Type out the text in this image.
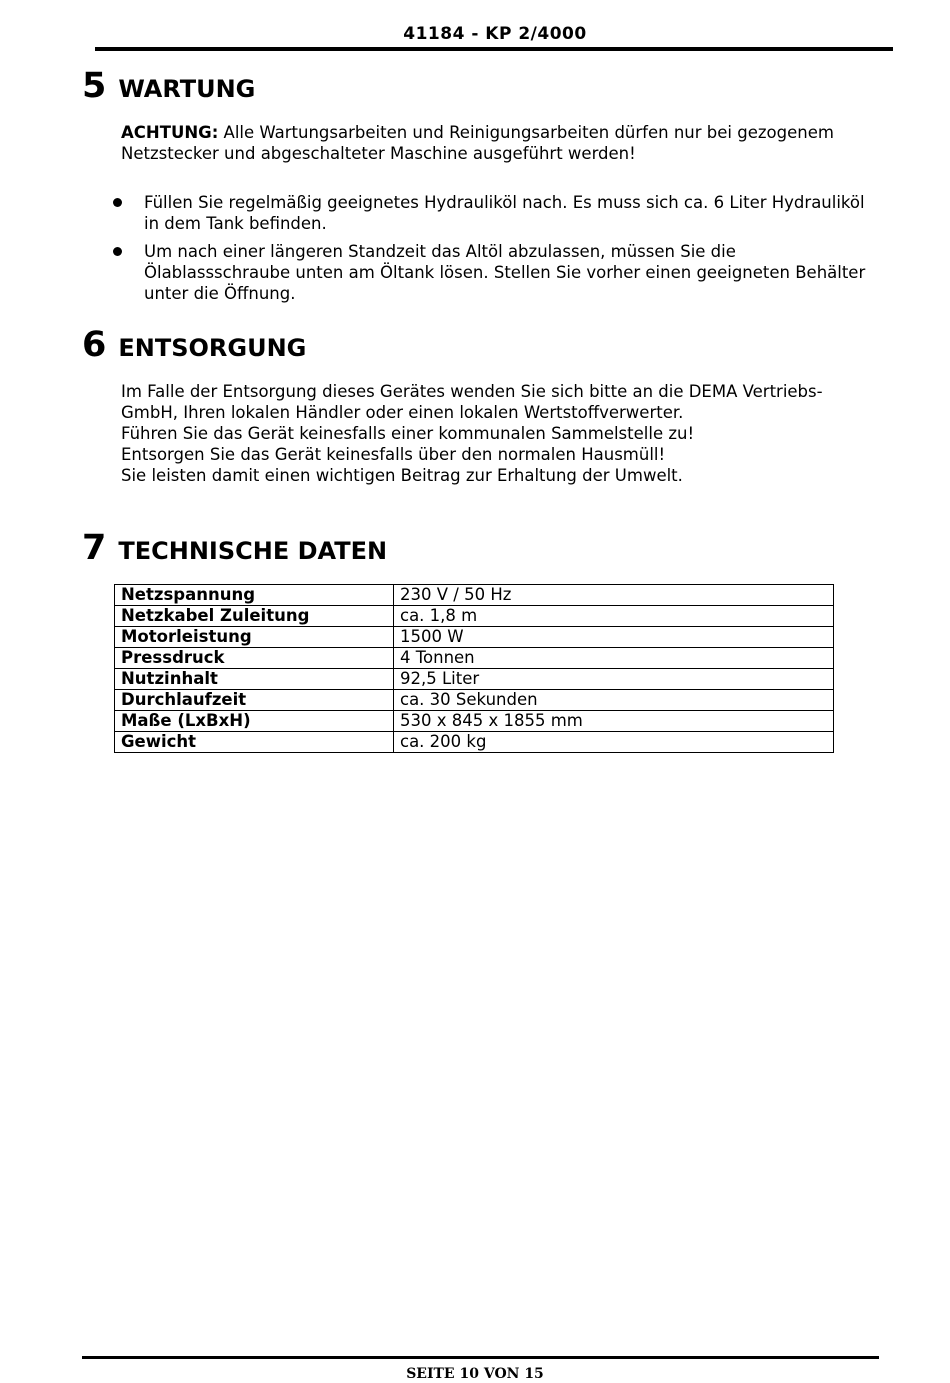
41184 - KP 2/4000
5 WARTUNG

ACHTUNG: Alle Wartungsarbeiten und Reinigungsarbeiten dürfen nur bei gezogenem Netzstecker und abgeschalteter Maschine ausgeführt werden!

Füllen Sie regelmäßig geeignetes Hydrauliköl nach. Es muss sich ca. 6 Liter Hydrauliköl in dem Tank befinden.
Um nach einer längeren Standzeit das Altöl abzulassen, müssen Sie die Ölablassschraube unten am Öltank lösen. Stellen Sie vorher einen geeigneten Behälter unter die Öffnung.
6 ENTSORGUNG
Im Falle der Entsorgung dieses Gerätes wenden Sie sich bitte an die DEMA Vertriebs-
GmbH, Ihren lokalen Händler oder einen lokalen Wertstoffverwerter.
Führen Sie das Gerät keinesfalls einer kommunalen Sammelstelle zu!
Entsorgen Sie das Gerät keinesfalls über den normalen Hausmüll!
Sie leisten damit einen wichtigen Beitrag zur Erhaltung der Umwelt.
7 TECHNISCHE DATEN
Netzspannung	230 V / 50 Hz
Netzkabel Zuleitung	ca. 1,8 m
Motorleistung	1500 W
Pressdruck	4 Tonnen
Nutzinhalt	92,5 Liter
Durchlaufzeit	ca. 30 Sekunden
Maße (LxBxH)	530 x 845 x 1855 mm
Gewicht	ca. 200 kg
SEITE 10 VON 15
